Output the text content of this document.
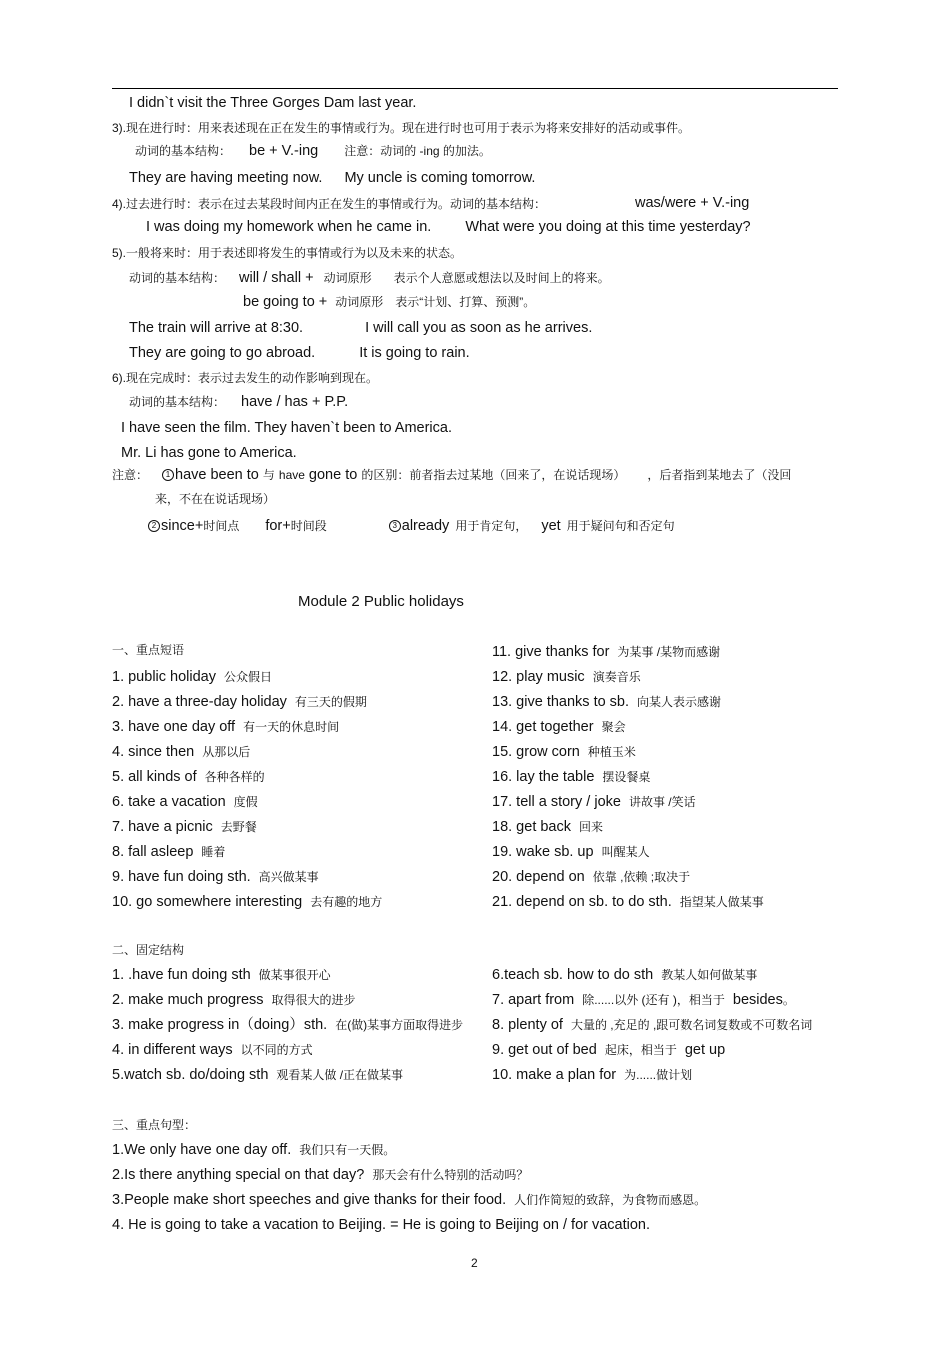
I didn`t visit the Three Gorges Dam last year.
3).现在进行时：用来表述现在正在发生的事情或行为。现在进行时也可用于表示为将来安排好的活动或事件。
动词的基本结构： be + V.-ing 注意：动词的 -ing 的加法。
They are having meeting now. My uncle is coming tomorrow.
4).过去进行时：表示在过去某段时间内正在发生的事情或行为。动词的基本结构：	was/were + V.-ing
I was doing my homework when he came in. What were you doing at this time yesterday?
5).一般将来时：用于表述即将发生的事情或行为以及未来的状态。
动词的基本结构： will / shall + 动词原形 表示个人意愿或想法以及时间上的将来。
be going to + 动词原形 表示“计划、打算、预测”。
The train will arrive at 8:30.	I will call you as soon as he arrives.
They are going to go abroad.	It is going to rain.
6).现在完成时：表示过去发生的动作影响到现在。
动词的基本结构： have / has + P.P.
I have seen the film. They haven`t been to America.
Mr. Li has gone to America.
注意： 1 have been to 与 have gone to 的区别：前者指去过某地（回来了，在说话现场） ，后者指到某地去了（没回
来，不在在说话现场）
2 since+时间点 for+时间段	3 already 用于肯定句， yet 用于疑问句和否定句
Module 2 Public holidays
一、重点短语
1. public holiday 公众假日
2. have a three-day holiday 有三天的假期
3. have one day off 有一天的休息时间
4. since then 从那以后
5. all kinds of 各种各样的
6. take a vacation 度假
7. have a picnic 去野餐
8. fall asleep 睡着
9. have fun doing sth. 高兴做某事
10. go somewhere interesting 去有趣的地方
11. give thanks for 为某事 /某物而感谢
12. play music 演奏音乐
13. give thanks to sb. 向某人表示感谢
14. get together 聚会
15. grow corn 种植玉米
16. lay the table 摆设餐桌
17. tell a story / joke 讲故事 /笑话
18. get back 回来
19. wake sb. up 叫醒某人
20. depend on 依靠 ,依赖 ;取决于
21. depend on sb. to do sth. 指望某人做某事
二、固定结构
1. .have fun doing sth 做某事很开心
2. make much progress 取得很大的进步
3. make progress in（doing）sth. 在(做)某事方面取得进步
4. in different ways 以不同的方式
5.watch sb. do/doing sth 观看某人做 /正在做某事
6.teach sb. how to do sth 教某人如何做某事
7. apart from 除......以外 (还有 )，相当于 besides。
8. plenty of 大量的 ,充足的 ,跟可数名词复数或不可数名词
9. get out of bed 起床，相当于 get up
10. make a plan for 为......做计划
三、重点句型：
1.We only have one day off. 我们只有一天假。
2.Is there anything special on that day? 那天会有什么特别的活动吗？
3.People make short speeches and give thanks for their food. 人们作简短的致辞，为食物而感恩。
4. He is going to take a vacation to Beijing. = He is going to Beijing on / for vacation.
2
